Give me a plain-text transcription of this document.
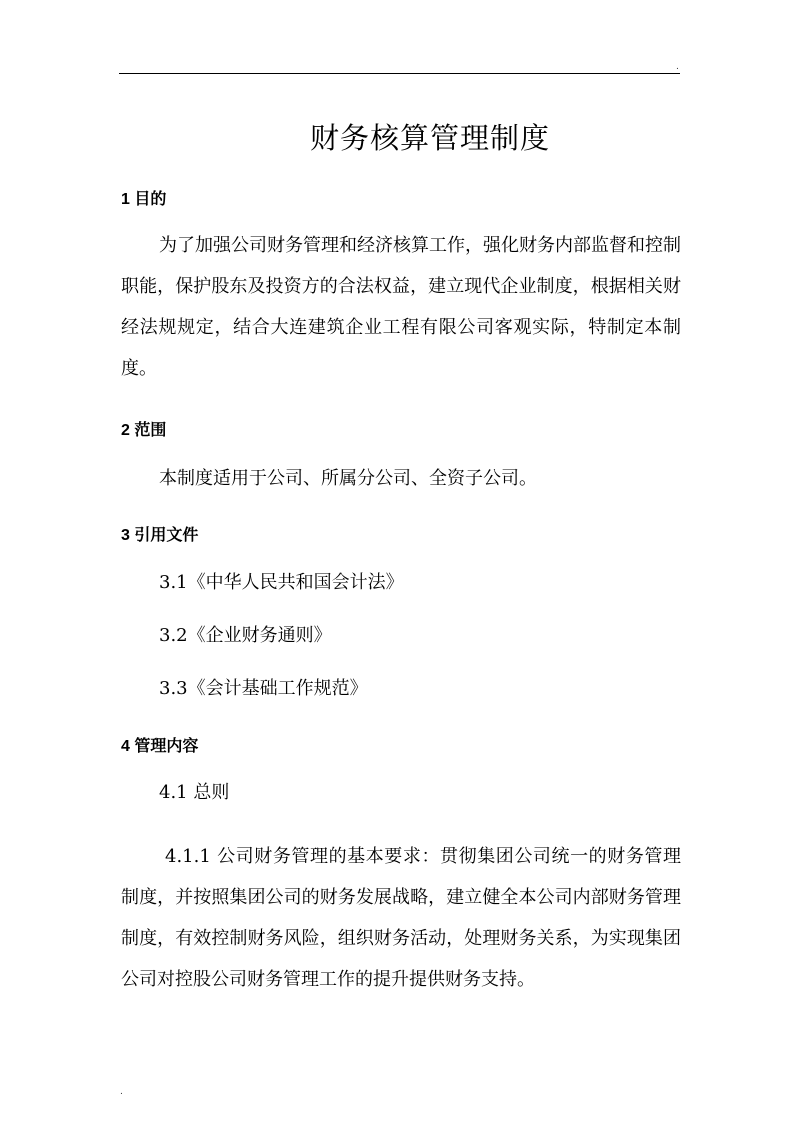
.
财务核算管理制度
1 目的
为了加强公司财务管理和经济核算工作，强化财务内部监督和控制职能，保护股东及投资方的合法权益，建立现代企业制度，根据相关财经法规规定，结合大连建筑企业工程有限公司客观实际，特制定本制度。
2 范围
本制度适用于公司、所属分公司、全资子公司。
3 引用文件
3.1《中华人民共和国会计法》
3.2《企业财务通则》
3.3《会计基础工作规范》
4 管理内容
4.1 总则
4.1.1 公司财务管理的基本要求：贯彻集团公司统一的财务管理制度，并按照集团公司的财务发展战略，建立健全本公司内部财务管理制度，有效控制财务风险，组织财务活动，处理财务关系，为实现集团公司对控股公司财务管理工作的提升提供财务支持。
.
